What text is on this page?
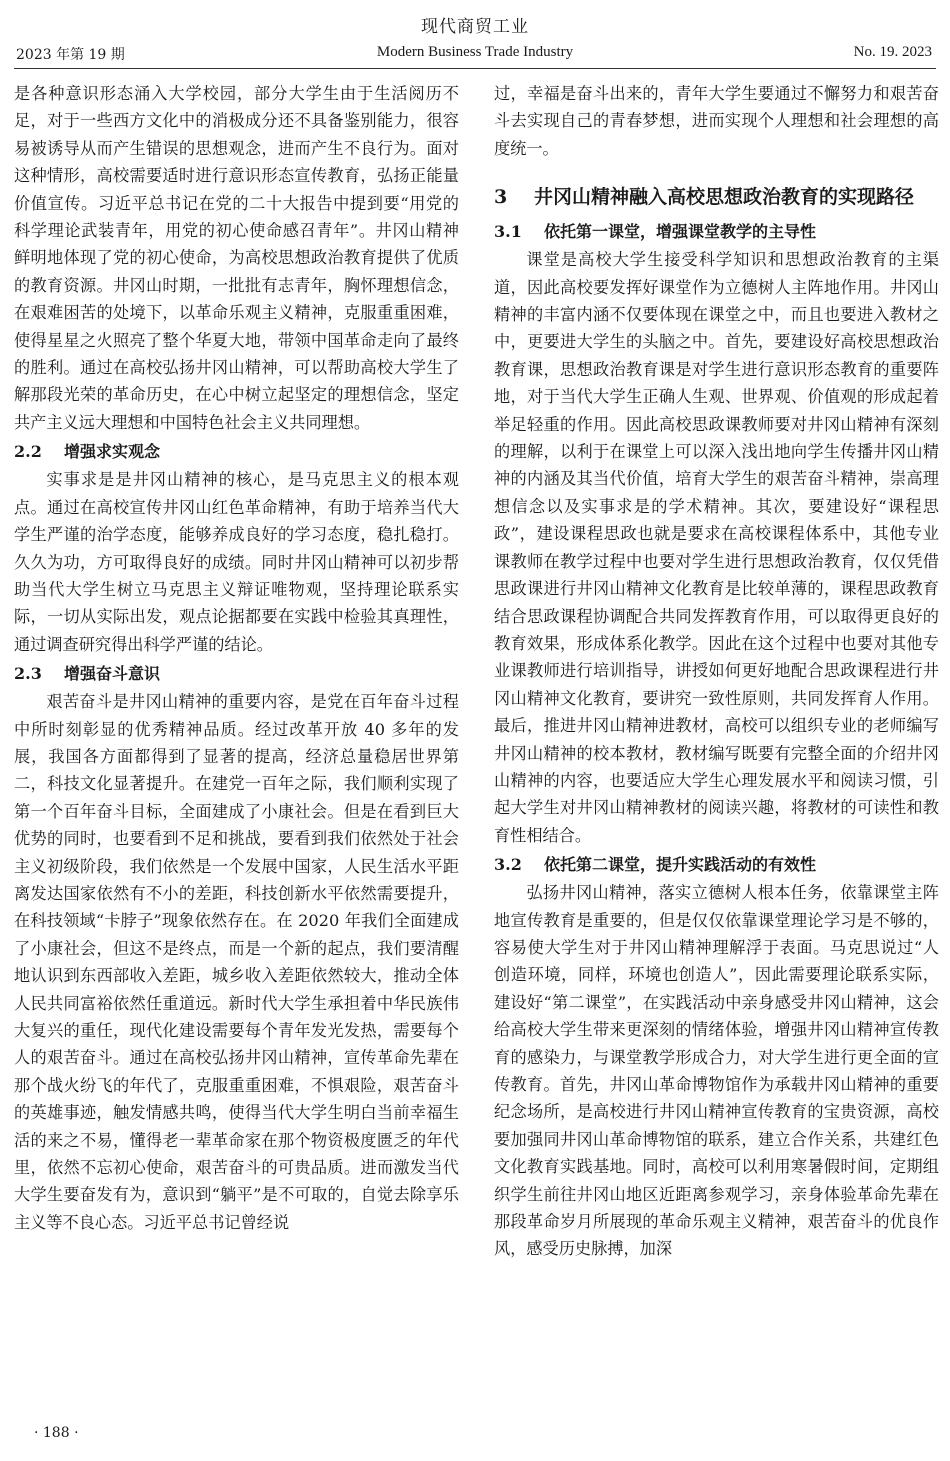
现代商贸工业
2023 年第 19 期	Modern Business Trade Industry	No. 19. 2023

是各种意识形态涌入大学校园，部分大学生由于生活阅历不足，对于一些西方文化中的消极成分还不具备鉴别能力，很容易被诱导从而产生错误的思想观念，进而产生不良行为。面对这种情形，高校需要适时进行意识形态宣传教育，弘扬正能量价值宣传。习近平总书记在党的二十大报告中提到要“用党的科学理论武装青年，用党的初心使命感召青年”。井冈山精神鲜明地体现了党的初心使命，为高校思想政治教育提供了优质的教育资源。井冈山时期，一批批有志青年，胸怀理想信念，在艰难困苦的处境下，以革命乐观主义精神，克服重重困难，使得星星之火照亮了整个华夏大地，带领中国革命走向了最终的胜利。通过在高校弘扬井冈山精神，可以帮助高校大学生了解那段光荣的革命历史，在心中树立起坚定的理想信念，坚定共产主义远大理想和中国特色社会主义共同理想。

2.2 增强求实观念

实事求是是井冈山精神的核心，是马克思主义的根本观点。通过在高校宣传井冈山红色革命精神，有助于培养当代大学生严谨的治学态度，能够养成良好的学习态度，稳扎稳打。久久为功，方可取得良好的成绩。同时井冈山精神可以初步帮助当代大学生树立马克思主义辩证唯物观，坚持理论联系实际，一切从实际出发，观点论据都要在实践中检验其真理性，通过调查研究得出科学严谨的结论。

2.3 增强奋斗意识

艰苦奋斗是井冈山精神的重要内容，是党在百年奋斗过程中所时刻彰显的优秀精神品质。经过改革开放 40 多年的发展，我国各方面都得到了显著的提高，经济总量稳居世界第二，科技文化显著提升。在建党一百年之际，我们顺利实现了第一个百年奋斗目标，全面建成了小康社会。但是在看到巨大优势的同时，也要看到不足和挑战，要看到我们依然处于社会主义初级阶段，我们依然是一个发展中国家，人民生活水平距离发达国家依然有不小的差距，科技创新水平依然需要提升，在科技领域“卡脖子”现象依然存在。在 2020 年我们全面建成了小康社会，但这不是终点，而是一个新的起点，我们要清醒地认识到东西部收入差距，城乡收入差距依然较大，推动全体人民共同富裕依然任重道远。新时代大学生承担着中华民族伟大复兴的重任，现代化建设需要每个青年发光发热，需要每个人的艰苦奋斗。通过在高校弘扬井冈山精神，宣传革命先辈在那个战火纷飞的年代了，克服重重困难，不惧艰险，艰苦奋斗的英雄事迹，触发情感共鸣，使得当代大学生明白当前幸福生活的来之不易，懂得老一辈革命家在那个物资极度匮乏的年代里，依然不忘初心使命，艰苦奋斗的可贵品质。进而激发当代大学生要奋发有为，意识到“躺平”是不可取的，自觉去除享乐主义等不良心态。习近平总书记曾经说

过，幸福是奋斗出来的，青年大学生要通过不懈努力和艰苦奋斗去实现自己的青春梦想，进而实现个人理想和社会理想的高度统一。

3 井冈山精神融入高校思想政治教育的实现路径
3.1 依托第一课堂，增强课堂教学的主导性

课堂是高校大学生接受科学知识和思想政治教育的主渠道，因此高校要发挥好课堂作为立德树人主阵地作用。井冈山精神的丰富内涵不仅要体现在课堂之中，而且也要进入教材之中，更要进大学生的头脑之中。首先，要建设好高校思想政治教育课，思想政治教育课是对学生进行意识形态教育的重要阵地，对于当代大学生正确人生观、世界观、价值观的形成起着举足轻重的作用。因此高校思政课教师要对井冈山精神有深刻的理解，以利于在课堂上可以深入浅出地向学生传播井冈山精神的内涵及其当代价值，培育大学生的艰苦奋斗精神，崇高理想信念以及实事求是的学术精神。其次，要建设好“课程思政”，建设课程思政也就是要求在高校课程体系中，其他专业课教师在教学过程中也要对学生进行思想政治教育，仅仅凭借思政课进行井冈山精神文化教育是比较单薄的，课程思政教育结合思政课程协调配合共同发挥教育作用，可以取得更良好的教育效果，形成体系化教学。因此在这个过程中也要对其他专业课教师进行培训指导，讲授如何更好地配合思政课程进行井冈山精神文化教育，要讲究一致性原则，共同发挥育人作用。最后，推进井冈山精神进教材，高校可以组织专业的老师编写井冈山精神的校本教材，教材编写既要有完整全面的介绍井冈山精神的内容，也要适应大学生心理发展水平和阅读习惯，引起大学生对井冈山精神教材的阅读兴趣，将教材的可读性和教育性相结合。

3.2 依托第二课堂，提升实践活动的有效性

弘扬井冈山精神，落实立德树人根本任务，依靠课堂主阵地宣传教育是重要的，但是仅仅依靠课堂理论学习是不够的，容易使大学生对于井冈山精神理解浮于表面。马克思说过“人创造环境，同样，环境也创造人”，因此需要理论联系实际，建设好“第二课堂”，在实践活动中亲身感受井冈山精神，这会给高校大学生带来更深刻的情绪体验，增强井冈山精神宣传教育的感染力，与课堂教学形成合力，对大学生进行更全面的宣传教育。首先，井冈山革命博物馆作为承载井冈山精神的重要纪念场所，是高校进行井冈山精神宣传教育的宝贵资源，高校要加强同井冈山革命博物馆的联系，建立合作关系，共建红色文化教育实践基地。同时，高校可以利用寒暑假时间，定期组织学生前往井冈山地区近距离参观学习，亲身体验革命先辈在那段革命岁月所展现的革命乐观主义精神，艰苦奋斗的优良作风，感受历史脉搏，加深

· 188 ·
